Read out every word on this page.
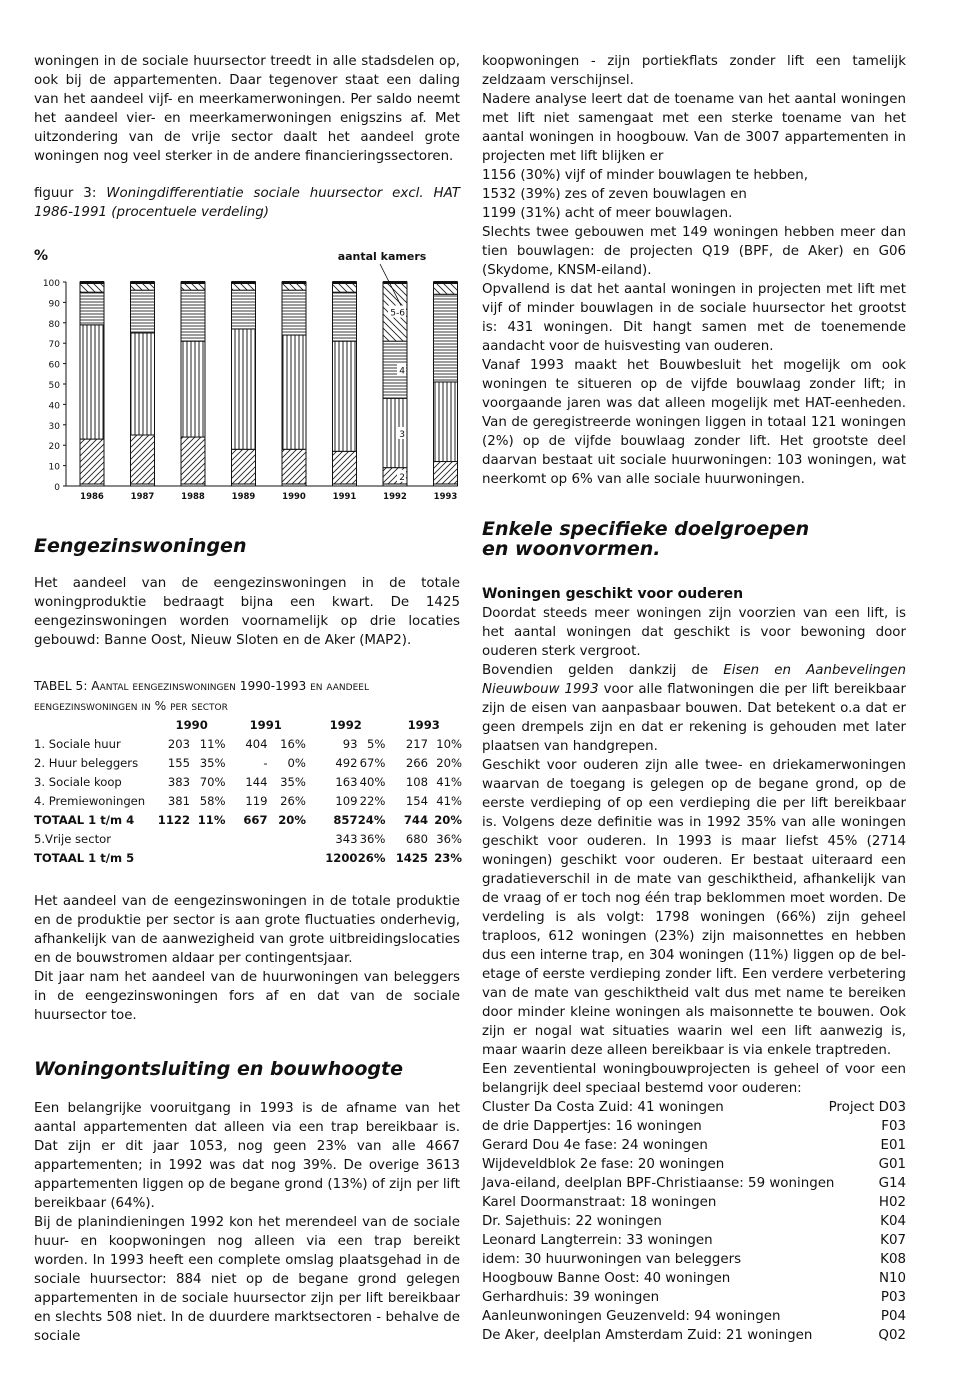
woningen in de sociale huursector treedt in alle stadsdelen op, ook bij de appartementen. Daar tegenover staat een daling van het aandeel vijf- en meerkamerwoningen. Per saldo neemt het aandeel vier- en meerkamerwoningen enigszins af. Met uitzondering van de vrije sector daalt het aandeel grote woningen nog veel sterker in de andere financieringssectoren.

figuur 3: Woningdifferentiatie sociale huursector excl. HAT 1986-1991 (procentuele verdeling)

0
10
20
30
40
50
60
70
80
90
100
%	aantal kamers
1986	1987	1988	1989	1990	1991	1992	1993
2
3
4
5-6
Eengezinswoningen

Het aandeel van de eengezinswoningen in de totale woningproduktie bedraagt bijna een kwart. De 1425 eengezinswoningen worden voornamelijk op drie locaties gebouwd: Banne Oost, Nieuw Sloten en de Aker (MAP2).

TABEL 5: Aantal eengezinswoningen 1990-1993 en aandeel eengezinswoningen in % per sector
	1990		1991		1992		1993	
1. Sociale huur	203	11%	404	16%	93	5%	217	10%
2. Huur beleggers	155	35%	-	0%	492	67%	266	20%
3. Sociale koop	383	70%	144	35%	163	40%	108	41%
4. Premiewoningen	381	58%	119	26%	109	22%	154	41%
TOTAAL 1 t/m 4	1122	11%	667	20%	857	24%	744	20%
5.Vrije sector					343	36%	680	36%
TOTAAL 1 t/m 5					1200	26%	1425	23%

Het aandeel van de eengezinswoningen in de totale produktie en de produktie per sector is aan grote fluctuaties onderhevig, afhankelijk van de aanwezigheid van grote uitbreidingslocaties en de bouwstromen aldaar per contingentsjaar.

Dit jaar nam het aandeel van de huurwoningen van beleggers in de eengezinswoningen fors af en dat van de sociale huursector toe.

Woningontsluiting en bouwhoogte

Een belangrijke vooruitgang in 1993 is de afname van het aantal appartementen dat alleen via een trap bereikbaar is. Dat zijn er dit jaar 1053, nog geen 23% van alle 4667 appartementen; in 1992 was dat nog 39%. De overige 3613 appartementen liggen op de begane grond (13%) of zijn per lift bereikbaar (64%).

Bij de planindieningen 1992 kon het merendeel van de sociale huur- en koopwoningen nog alleen via een trap bereikt worden. In 1993 heeft een complete omslag plaatsgehad in de sociale huursector: 884 niet op de begane grond gelegen appartementen in de sociale huursector zijn per lift bereikbaar en slechts 508 niet. In de duurdere marktsectoren - behalve de sociale

koopwoningen - zijn portiekflats zonder lift een tamelijk zeldzaam verschijnsel.

Nadere analyse leert dat de toename van het aantal woningen met lift niet samengaat met een sterke toename van het aantal woningen in hoogbouw. Van de 3007 appartementen in projecten met lift blijken er

1156 (30%) vijf of minder bouwlagen te hebben,
1532 (39%) zes of zeven bouwlagen en
1199 (31%) acht of meer bouwlagen.

Slechts twee gebouwen met 149 woningen hebben meer dan tien bouwlagen: de projecten Q19 (BPF, de Aker) en G06 (Skydome, KNSM-eiland).

Opvallend is dat het aantal woningen in projecten met lift met vijf of minder bouwlagen in de sociale huursector het grootst is: 431 woningen. Dit hangt samen met de toenemende aandacht voor de huisvesting van ouderen.

Vanaf 1993 maakt het Bouwbesluit het mogelijk om ook woningen te situeren op de vijfde bouwlaag zonder lift; in voorgaande jaren was dat alleen mogelijk met HAT-eenheden. Van de geregistreerde woningen liggen in totaal 121 woningen (2%) op de vijfde bouwlaag zonder lift. Het grootste deel daarvan bestaat uit sociale huurwoningen: 103 woningen, wat neerkomt op 6% van alle sociale huurwoningen.

Enkele specifieke doelgroepen en woonvormen.
Woningen geschikt voor ouderen

Doordat steeds meer woningen zijn voorzien van een lift, is het aantal woningen dat geschikt is voor bewoning door ouderen sterk vergroot.

Bovendien gelden dankzij de Eisen en Aanbevelingen Nieuwbouw 1993 voor alle flatwoningen die per lift bereikbaar zijn de eisen van aanpasbaar bouwen. Dat betekent o.a dat er geen drempels zijn en dat er rekening is gehouden met later plaatsen van handgrepen.

Geschikt voor ouderen zijn alle twee- en driekamerwoningen waarvan de toegang is gelegen op de begane grond, op de eerste verdieping of op een verdieping die per lift bereikbaar is. Volgens deze definitie was in 1992 35% van alle woningen geschikt voor ouderen. In 1993 is maar liefst 45% (2714 woningen) geschikt voor ouderen. Er bestaat uiteraard een gradatieverschil in de mate van geschiktheid, afhankelijk van de vraag of er toch nog één trap beklommen moet worden. De verdeling is als volgt: 1798 woningen (66%) zijn geheel traploos, 612 woningen (23%) zijn maisonnettes en hebben dus een interne trap, en 304 woningen (11%) liggen op de bel-etage of eerste verdieping zonder lift. Een verdere verbetering van de mate van geschiktheid valt dus met name te bereiken door minder kleine woningen als maisonnette te bouwen. Ook zijn er nogal wat situaties waarin wel een lift aanwezig is, maar waarin deze alleen bereikbaar is via enkele traptreden.

Een zeventiental woningbouwprojecten is geheel of voor een belangrijk deel speciaal bestemd voor ouderen:

Cluster Da Costa Zuid: 41 woningen	Project D03
de drie Dappertjes: 16 woningen	F03
Gerard Dou 4e fase: 24 woningen	E01
Wijdeveldblok 2e fase: 20 woningen	G01
Java-eiland, deelplan BPF-Christiaanse: 59 woningen	G14
Karel Doormanstraat: 18 woningen	H02
Dr. Sajethuis: 22 woningen	K04
Leonard Langterrein: 33 woningen	K07
idem: 30 huurwoningen van beleggers	K08
Hoogbouw Banne Oost: 40 woningen	N10
Gerhardhuis: 39 woningen	P03
Aanleunwoningen Geuzenveld: 94 woningen	P04
De Aker, deelplan Amsterdam Zuid: 21 woningen	Q02
